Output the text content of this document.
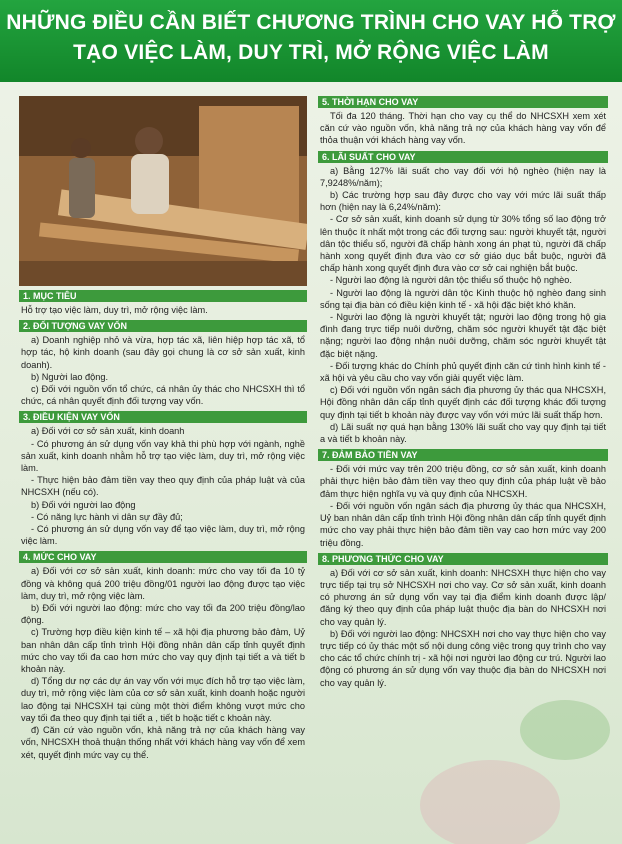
NHỮNG ĐIỀU CẦN BIẾT CHƯƠNG TRÌNH CHO VAY HỖ TRỢ
TẠO VIỆC LÀM, DUY TRÌ, MỞ RỘNG VIỆC LÀM
1. MỤC TIÊU

Hỗ trợ tạo việc làm, duy trì, mở rộng việc làm.

2. ĐỐI TƯỢNG VAY VỐN

a) Doanh nghiệp nhỏ và vừa, hợp tác xã, liên hiệp hợp tác xã, tổ hợp tác, hộ kinh doanh (sau đây gọi chung là cơ sở sản xuất, kinh doanh).

b) Người lao động.

c) Đối với nguồn vốn tổ chức, cá nhân ủy thác cho NHCSXH thì tổ chức, cá nhân quyết định đối tượng vay vốn.

3. ĐIỀU KIỆN VAY VỐN

a) Đối với cơ sở sản xuất, kinh doanh

- Có phương án sử dụng vốn vay khả thi phù hợp với ngành, nghề sản xuất, kinh doanh nhằm hỗ trợ tạo việc làm, duy trì, mở rộng việc làm.

- Thực hiện bảo đảm tiền vay theo quy định của pháp luật và của NHCSXH (nếu có).

b) Đối với người lao động

- Có năng lực hành vi dân sự đầy đủ;

- Có phương án sử dụng vốn vay để tạo việc làm, duy trì, mở rộng việc làm.

4. MỨC CHO VAY

a) Đối với cơ sở sản xuất, kinh doanh: mức cho vay tối đa 10 tỷ đồng và không quá 200 triệu đồng/01 người lao động được tạo việc làm, duy trì, mở rộng việc làm.

b) Đối với người lao động: mức cho vay tối đa 200 triệu đồng/lao động.

c) Trường hợp điều kiện kinh tế – xã hội địa phương bảo đảm, Uỷ ban nhân dân cấp tỉnh trình Hội đồng nhân dân cấp tỉnh quyết định mức cho vay tối đa cao hơn mức cho vay quy định tại tiết a và tiết b khoản này.

d) Tổng dư nợ các dự án vay vốn với mục đích hỗ trợ tạo việc làm, duy trì, mở rộng việc làm của cơ sở sản xuất, kinh doanh hoặc người lao động tại NHCSXH tại cùng một thời điểm không vượt mức cho vay tối đa theo quy định tại tiết a , tiết b hoặc tiết c khoản này.

đ) Căn cứ vào nguồn vốn, khả năng trả nợ của khách hàng vay vốn, NHCSXH thoả thuận thống nhất với khách hàng vay vốn để xem xét, quyết định mức vay cụ thể.

5. THỜI HẠN CHO VAY

Tối đa 120 tháng. Thời hạn cho vay cụ thể do NHCSXH xem xét căn cứ vào nguồn vốn, khả năng trả nợ của khách hàng vay vốn để thỏa thuận với khách hàng vay vốn.

6. LÃI SUẤT CHO VAY

a) Bằng 127% lãi suất cho vay đối với hộ nghèo (hiện nay là 7,9248%/năm);

b) Các trường hợp sau đây được cho vay với mức lãi suất thấp hơn (hiện nay là 6,24%/năm):

- Cơ sở sản xuất, kinh doanh sử dụng từ 30% tổng số lao động trở lên thuộc ít nhất một trong các đối tượng sau: người khuyết tật, người dân tộc thiểu số, người đã chấp hành xong án phạt tù, người đã chấp hành xong quyết định đưa vào cơ sở giáo dục bắt buộc, người đã chấp hành xong quyết định đưa vào cơ sở cai nghiện bắt buộc.

- Người lao động là người dân tộc thiểu số thuộc hộ nghèo.

- Người lao động là người dân tộc Kinh thuộc hộ nghèo đang sinh sống tại địa bàn có điều kiện kinh tế - xã hội đặc biệt khó khăn.

- Người lao động là người khuyết tật; người lao động trong hộ gia đình đang trực tiếp nuôi dưỡng, chăm sóc người khuyết tật đặc biệt nặng; người lao động nhận nuôi dưỡng, chăm sóc người khuyết tật đặc biệt nặng.

- Đối tượng khác do Chính phủ quyết định căn cứ tình hình kinh tế - xã hội và yêu cầu cho vay vốn giải quyết việc làm.

c) Đối với nguồn vốn ngân sách địa phương ủy thác qua NHCSXH, Hội đồng nhân dân cấp tỉnh quyết định các đối tượng khác đối tượng quy định tại tiết b khoản này được vay vốn với mức lãi suất thấp hơn.

d) Lãi suất nợ quá hạn bằng 130% lãi suất cho vay quy định tại tiết a và tiết b khoản này.

7. ĐẢM BẢO TIỀN VAY

- Đối với mức vay trên 200 triệu đồng, cơ sở sản xuất, kinh doanh phải thực hiện bảo đảm tiền vay theo quy định của pháp luật về bảo đảm thực hiện nghĩa vụ và quy định của NHCSXH.

- Đối với nguồn vốn ngân sách địa phương ủy thác qua NHCSXH, Uỷ ban nhân dân cấp tỉnh trình Hội đồng nhân dân cấp tỉnh quyết định mức cho vay phải thực hiện bảo đảm tiền vay cao hơn mức vay 200 triệu đồng.

8. PHƯƠNG THỨC CHO VAY

a) Đối với cơ sở sản xuất, kinh doanh: NHCSXH thực hiện cho vay trực tiếp tại trụ sở NHCSXH nơi cho vay. Cơ sở sản xuất, kinh doanh có phương án sử dụng vốn vay tại địa điểm kinh doanh được lập/đăng ký theo quy định của pháp luật thuộc địa bàn do NHCSXH nơi cho vay quản lý.

b) Đối với người lao động: NHCSXH nơi cho vay thực hiện cho vay trực tiếp có ủy thác một số nội dung công việc trong quy trình cho vay cho các tổ chức chính trị - xã hội nơi người lao động cư trú. Người lao động có phương án sử dụng vốn vay thuộc địa bàn do NHCSXH nơi cho vay quản lý.
